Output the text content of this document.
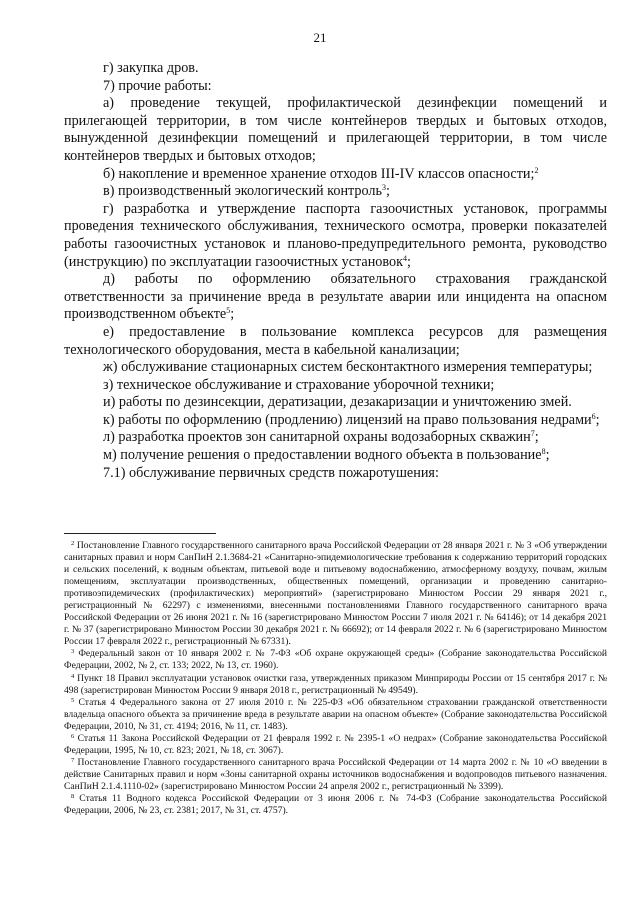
21

г) закупка дров.

7) прочие работы:

а) проведение текущей, профилактической дезинфекции помещений и прилегающей территории, в том числе контейнеров твердых и бытовых отходов, вынужденной дезинфекции помещений и прилегающей территории, в том числе контейнеров твердых и бытовых отходов;

б) накопление и временное хранение отходов III-IV классов опасности;$^2$

в) производственный экологический контроль$^3$;

г) разработка и утверждение паспорта газоочистных установок, программы проведения технического обслуживания, технического осмотра, проверки показателей работы газоочистных установок и планово-предупредительного ремонта, руководство (инструкцию) по эксплуатации газоочистных установок$^4$;

д) работы по оформлению обязательного страхования гражданской ответственности за причинение вреда в результате аварии или инцидента на опасном производственном объекте$^5$;

е) предоставление в пользование комплекса ресурсов для размещения технологического оборудования, места в кабельной канализации;

ж) обслуживание стационарных систем бесконтактного измерения температуры;

з) техническое обслуживание и страхование уборочной техники;

и) работы по дезинсекции, дератизации, дезакаризации и уничтожению змей.

к) работы по оформлению (продлению) лицензий на право пользования недрами$^6$;

л) разработка проектов зон санитарной охраны водозаборных скважин$^7$;

м) получение решения о предоставлении водного объекта в пользование$^8$;

7.1) обслуживание первичных средств пожаротушения:

$^2$ Постановление Главного государственного санитарного врача Российской Федерации от 28 января 2021 г. № 3 «Об утверждении санитарных правил и норм СанПиН 2.1.3684-21 «Санитарно-эпидемиологические требования к содержанию территорий городских и сельских поселений, к водным объектам, питьевой воде и питьевому водоснабжению, атмосферному воздуху, почвам, жилым помещениям, эксплуатации производственных, общественных помещений, организации и проведению санитарно-противоэпидемических (профилактических) мероприятий» (зарегистрировано Минюстом России 29 января 2021 г., регистрационный № 62297) с изменениями, внесенными постановлениями Главного государственного санитарного врача Российской Федерации от 26 июня 2021 г. № 16 (зарегистрировано Минюстом России 7 июля 2021 г. № 64146); от 14 декабря 2021 г. № 37 (зарегистрировано Минюстом России 30 декабря 2021 г. № 66692); от 14 февраля 2022 г. № 6 (зарегистрировано Минюстом России 17 февраля 2022 г., регистрационный № 67331).

$^3$ Федеральный закон от 10 января 2002 г. № 7-ФЗ «Об охране окружающей среды» (Собрание законодательства Российской Федерации, 2002, № 2, ст. 133; 2022, № 13, ст. 1960).

$^4$ Пункт 18 Правил эксплуатации установок очистки газа, утвержденных приказом Минприроды России от 15 сентября 2017 г. № 498 (зарегистрирован Минюстом России 9 января 2018 г., регистрационный № 49549).

$^5$ Статья 4 Федерального закона от 27 июля 2010 г. № 225-ФЗ «Об обязательном страховании гражданской ответственности владельца опасного объекта за причинение вреда в результате аварии на опасном объекте» (Собрание законодательства Российской Федерации, 2010, № 31, ст. 4194; 2016, № 11, ст. 1483).

$^6$ Статья 11 Закона Российской Федерации от 21 февраля 1992 г. № 2395-1 «О недрах» (Собрание законодательства Российской Федерации, 1995, № 10, ст. 823; 2021, № 18, ст. 3067).

$^7$ Постановление Главного государственного санитарного врача Российской Федерации от 14 марта 2002 г. № 10 «О введении в действие Санитарных правил и норм «Зоны санитарной охраны источников водоснабжения и водопроводов питьевого назначения. СанПиН 2.1.4.1110-02» (зарегистрировано Минюстом России 24 апреля 2002 г., регистрационный № 3399).

$^8$ Статья 11 Водного кодекса Российской Федерации от 3 июня 2006 г. № 74-ФЗ (Собрание законодательства Российской Федерации, 2006, № 23, ст. 2381; 2017, № 31, ст. 4757).
